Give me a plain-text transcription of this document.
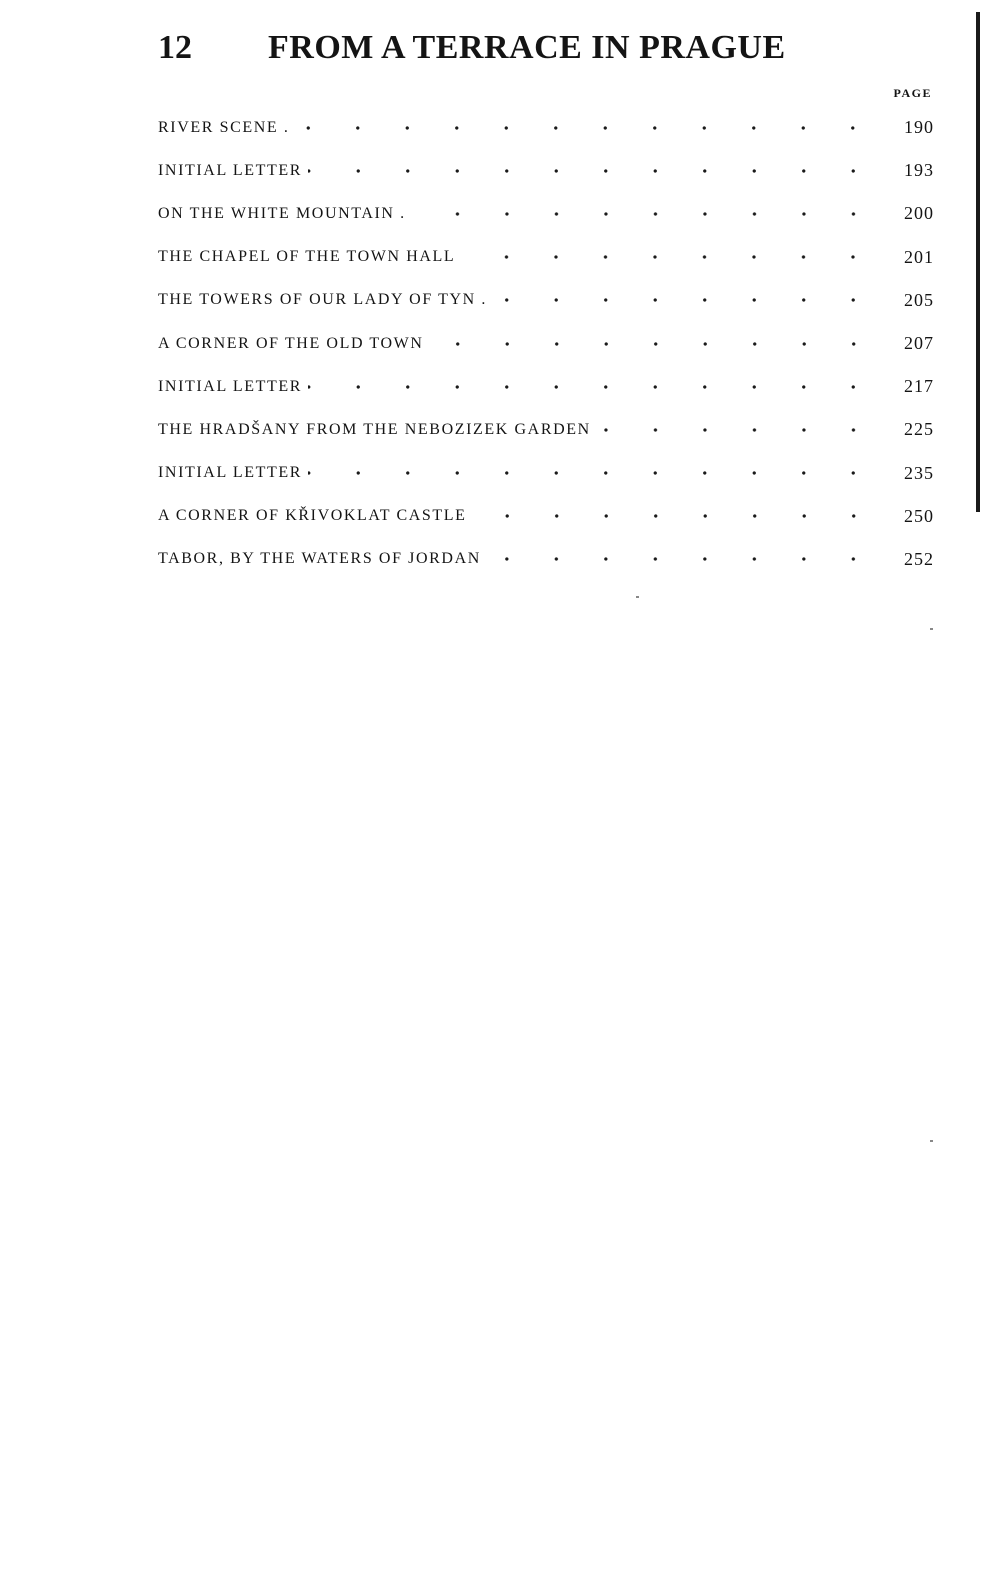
12 FROM A TERRACE IN PRAGUE
PAGE
RIVER SCENE .	190
INITIAL LETTER	193
ON THE WHITE MOUNTAIN .	200
THE CHAPEL OF THE TOWN HALL	201
THE TOWERS OF OUR LADY OF TYN .	205
A CORNER OF THE OLD TOWN	207
INITIAL LETTER	217
THE HRADŠANY FROM THE NEBOZIZEK GARDEN	225
INITIAL LETTER	235
A CORNER OF KŘIVOKLAT CASTLE	250
TABOR, BY THE WATERS OF JORDAN	252
